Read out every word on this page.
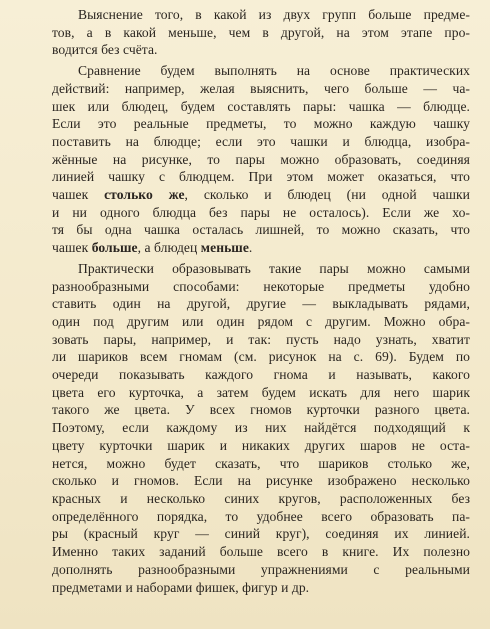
Выяснение того, в какой из двух групп больше предме-
тов, а в какой меньше, чем в другой, на этом этапе про-
водится без счёта.
Сравнение будем выполнять на основе практических
действий: например, желая выяснить, чего больше — ча-
шек или блюдец, будем составлять пары: чашка — блюдце.
Если это реальные предметы, то можно каждую чашку
поставить на блюдце; если это чашки и блюдца, изобра-
жённые на рисунке, то пары можно образовать, соединяя
линией чашку с блюдцем. При этом может оказаться, что
чашек столько же, сколько и блюдец (ни одной чашки
и ни одного блюдца без пары не осталось). Если же хо-
тя бы одна чашка осталась лишней, то можно сказать, что
чашек больше, а блюдец меньше.
Практически образовывать такие пары можно самыми
разнообразными способами: некоторые предметы удобно
ставить один на другой, другие — выкладывать рядами,
один под другим или один рядом с другим. Можно обра-
зовать пары, например, и так: пусть надо узнать, хватит
ли шариков всем гномам (см. рисунок на с. 69). Будем по
очереди показывать каждого гнома и называть, какого
цвета его курточка, а затем будем искать для него шарик
такого же цвета. У всех гномов курточки разного цвета.
Поэтому, если каждому из них найдётся подходящий к
цвету курточки шарик и никаких других шаров не оста-
нется, можно будет сказать, что шариков столько же,
сколько и гномов. Если на рисунке изображено несколько
красных и несколько синих кругов, расположенных без
определённого порядка, то удобнее всего образовать па-
ры (красный круг — синий круг), соединяя их линией.
Именно таких заданий больше всего в книге. Их полезно
дополнять разнообразными упражнениями с реальными
предметами и наборами фишек, фигур и др.
